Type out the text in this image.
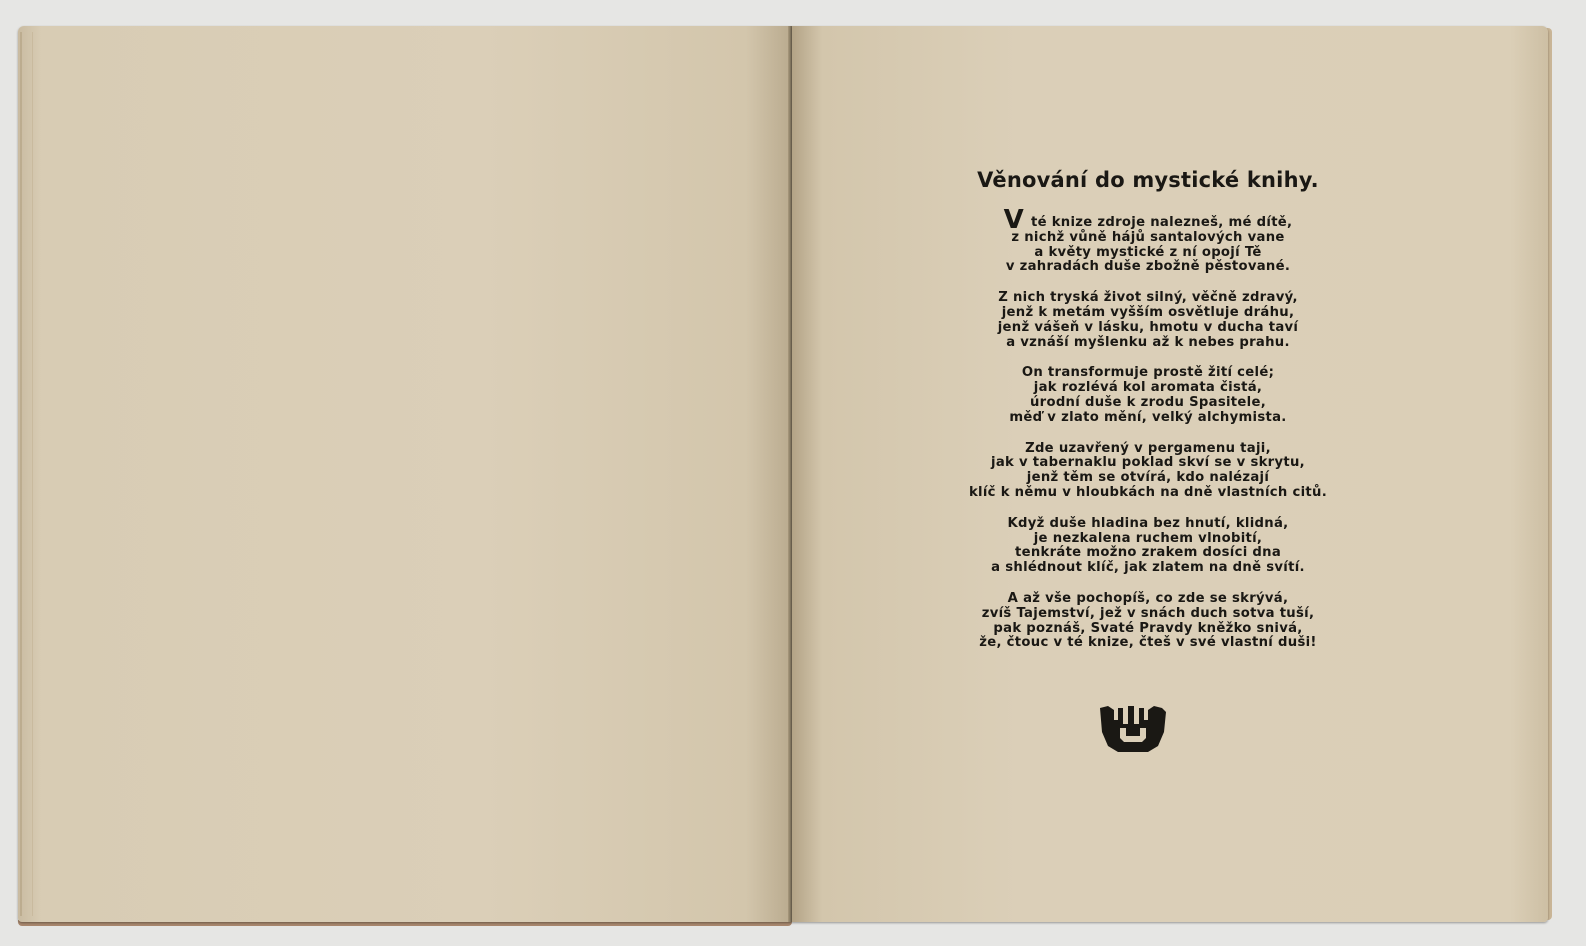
Věnování do mystické knihy.
V té knize zdroje nalezneš, mé dítě,
z nichž vůně hájů santalových vane
a květy mystické z ní opojí Tě
v zahradách duše zbožně pěstované.
Z nich tryská život silný, věčně zdravý,
jenž k metám vyšším osvětluje dráhu,
jenž vášeň v lásku, hmotu v ducha taví
a vznáší myšlenku až k nebes prahu.
On transformuje prostě žití celé;
jak rozlévá kol aromata čistá,
úrodní duše k zrodu Spasitele,
měď v zlato mění, velký alchymista.
Zde uzavřený v pergamenu taji,
jak v tabernaklu poklad skví se v skrytu,
jenž těm se otvírá, kdo nalézají
klíč k němu v hloubkách na dně vlastních citů.
Když duše hladina bez hnutí, klidná,
je nezkalena ruchem vlnobití,
tenkráte možno zrakem dosíci dna
a shlédnout klíč, jak zlatem na dně svítí.
A až vše pochopíš, co zde se skrývá,
zvíš Tajemství, jež v snách duch sotva tuší,
pak poznáš, Svaté Pravdy kněžko snivá,
že, čtouc v té knize, čteš v své vlastní duši!
